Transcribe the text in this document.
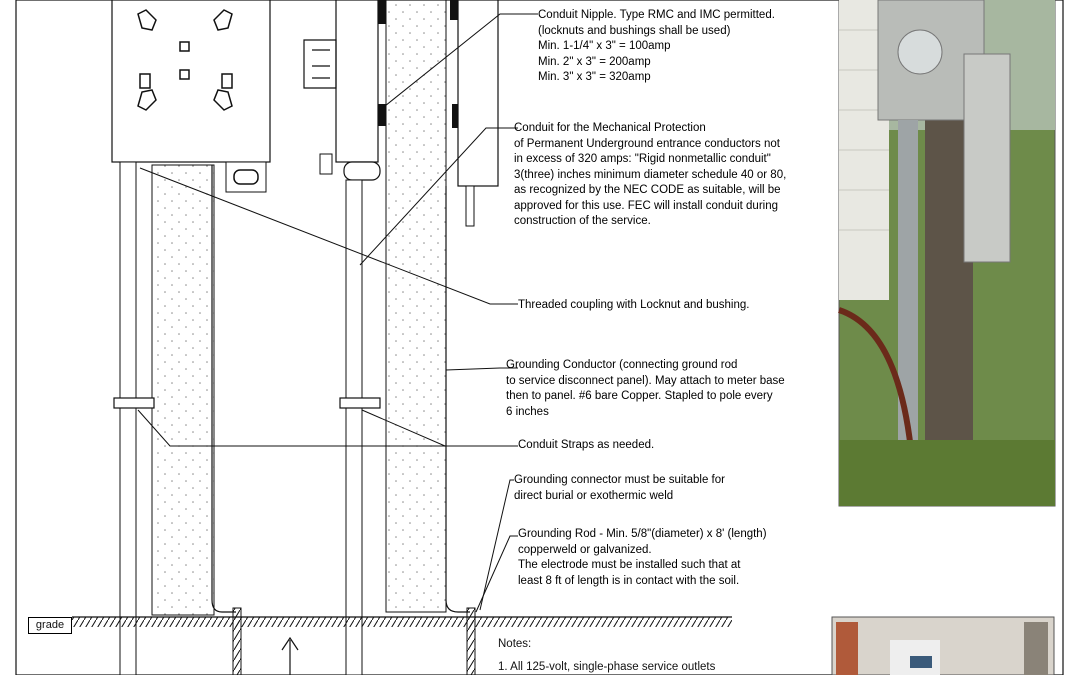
Conduit Nipple. Type RMC and IMC permitted.
(locknuts and bushings shall be used)
Min. 1-1/4" x 3" = 100amp
Min. 2" x 3" = 200amp
Min. 3" x 3" = 320amp
Conduit for the Mechanical Protection
of Permanent Underground entrance conductors not
in excess of 320 amps: "Rigid nonmetallic conduit"
3(three) inches minimum diameter schedule 40 or 80,
as recognized by the NEC CODE as suitable, will be
approved for this use. FEC will install conduit during
construction of the service.
Threaded coupling with Locknut and bushing.
Grounding Conductor (connecting ground rod
to service disconnect panel). May attach to meter base
then to panel. #6 bare Copper. Stapled to pole every
6 inches
Conduit Straps as needed.
Grounding connector must be suitable for
direct burial or exothermic weld
Grounding Rod - Min. 5/8"(diameter) x 8' (length)
copperweld or galvanized.
The electrode must be installed such that at
least 8 ft of length is in contact with the soil.
grade
Notes:
1. All 125-volt, single-phase service outlets
